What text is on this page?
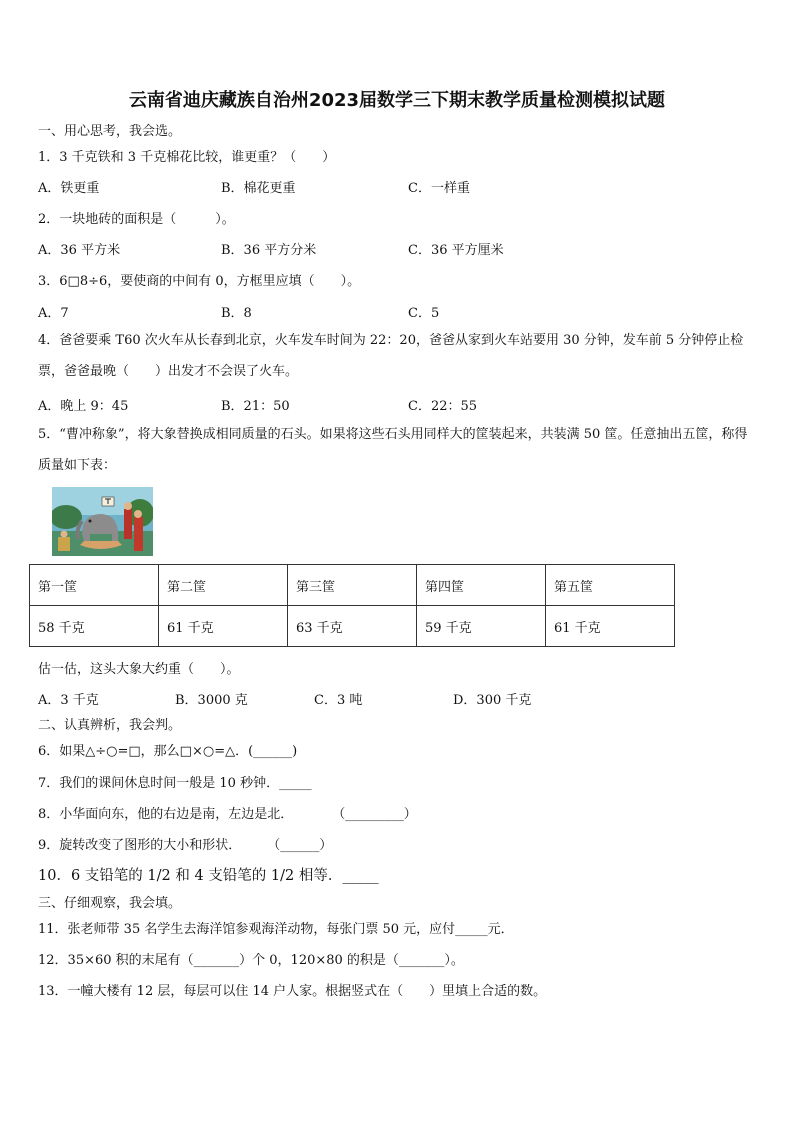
云南省迪庆藏族自治州2023届数学三下期末教学质量检测模拟试题
一、用心思考，我会选。
1．3 千克铁和 3 千克棉花比较，谁更重？（　　）
A．铁更重	B．棉花更重	C．一样重
2．一块地砖的面积是（　　　）。
A．36 平方米	B．36 平方分米	C．36 平方厘米
3．6□8÷6，要使商的中间有 0，方框里应填（　　）。
A．7	B．8	C．5
4．爸爸要乘 T60 次火车从长春到北京，火车发车时间为 22：20，爸爸从家到火车站要用 30 分钟，发车前 5 分钟停止检票，爸爸最晚（　　）出发才不会误了火车。
A．晚上 9：45	B．21：50	C．22：55
5．“曹冲称象”，将大象替换成相同质量的石头。如果将这些石头用同样大的筐装起来，共装满 50 筐。任意抽出五筐，称得质量如下表：
第一筐	第二筐	第三筐	第四筐	第五筐
58 千克	61 千克	63 千克	59 千克	61 千克
估一估，这头大象大约重（　　）。
A．3 千克	B．3000 克	C．3 吨	D．300 千克
二、认真辨析，我会判。
6．如果△÷○=□，那么□×○=△．(______)
7．我们的课间休息时间一般是 10 秒钟．_____
8．小华面向东，他的右边是南，左边是北．　　　　（_________）
9．旋转改变了图形的大小和形状．　　　（______）
10．6 支铅笔的 1/2 和 4 支铅笔的 1/2 相等．_____
三、仔细观察，我会填。
11．张老师带 35 名学生去海洋馆参观海洋动物，每张门票 50 元，应付_____元．
12．35×60 积的末尾有（_______）个 0，120×80 的积是（_______）。
13．一幢大楼有 12 层，每层可以住 14 户人家。根据竖式在（　　）里填上合适的数。
